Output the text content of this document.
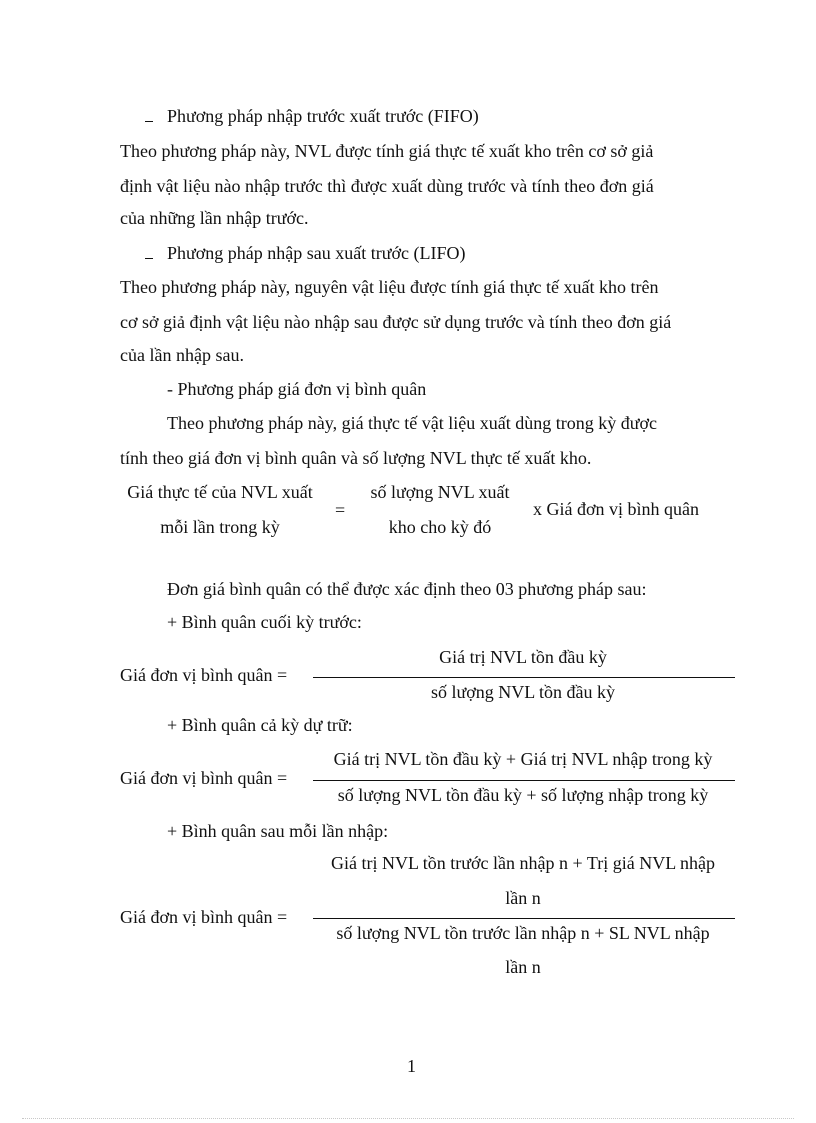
Phương pháp nhập trước xuất trước (FIFO)
Theo phương pháp này, NVL được tính giá thực tế xuất kho trên cơ sở giả
định vật liệu nào nhập trước thì được xuất dùng trước và tính theo đơn giá
của những lần nhập trước.
Phương pháp nhập sau xuất trước (LIFO)
Theo phương pháp này, nguyên vật liệu được tính giá thực tế xuất kho trên
cơ sở giả định vật liệu nào nhập sau được sử dụng trước và tính theo đơn giá
của lần nhập sau.
- Phương pháp giá đơn vị bình quân
Theo phương pháp này, giá thực tế vật liệu xuất dùng trong kỳ được
tính theo giá đơn vị bình quân và số lượng NVL thực tế xuất kho.
Giá thực tế của NVL xuất
mỗi lần trong kỳ
=
số lượng NVL xuất
kho cho kỳ đó
x Giá đơn vị bình quân
Đơn giá bình quân có thể được xác định theo 03 phương pháp sau:
+ Bình quân cuối kỳ trước:
Giá đơn vị bình quân =
Giá trị NVL tồn đầu kỳ
số lượng NVL tồn đầu kỳ
+ Bình quân cả kỳ dự trữ:
Giá đơn vị bình quân =
Giá trị NVL tồn đầu kỳ + Giá trị NVL nhập trong kỳ
số lượng NVL tồn đầu kỳ + số lượng nhập trong kỳ
+ Bình quân sau mỗi lần nhập:
Giá đơn vị bình quân =
Giá trị NVL tồn trước lần nhập n + Trị giá NVL nhập
lần n
số lượng NVL tồn trước lần nhập n + SL NVL nhập
lần n
1
